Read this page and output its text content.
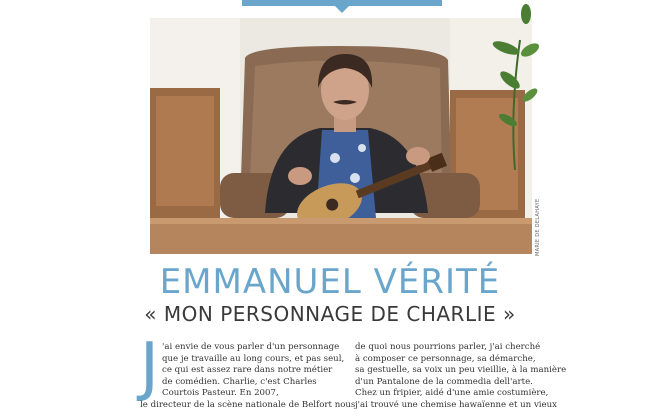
MARIE DE DELAHAYE
EMMANUEL VÉRITÉ
« MON PERSONNAGE DE CHARLIE »
J 'ai envie de vous parler d'un personnage
que je travaille au long cours, et pas seul,
ce qui est assez rare dans notre métier
de comédien. Charlie, c'est Charles
Courtois Pasteur. En 2007,
le directeur de la scène nationale de Belfort nous
de quoi nous pourrions parler, j'ai cherché
à composer ce personnage, sa démarche,
sa gestuelle, sa voix un peu vieillie, à la manière
d'un Pantalone de la commedia dell'arte.
Chez un fripier, aidé d'une amie costumière,
j'ai trouvé une chemise hawaïenne et un vieux
